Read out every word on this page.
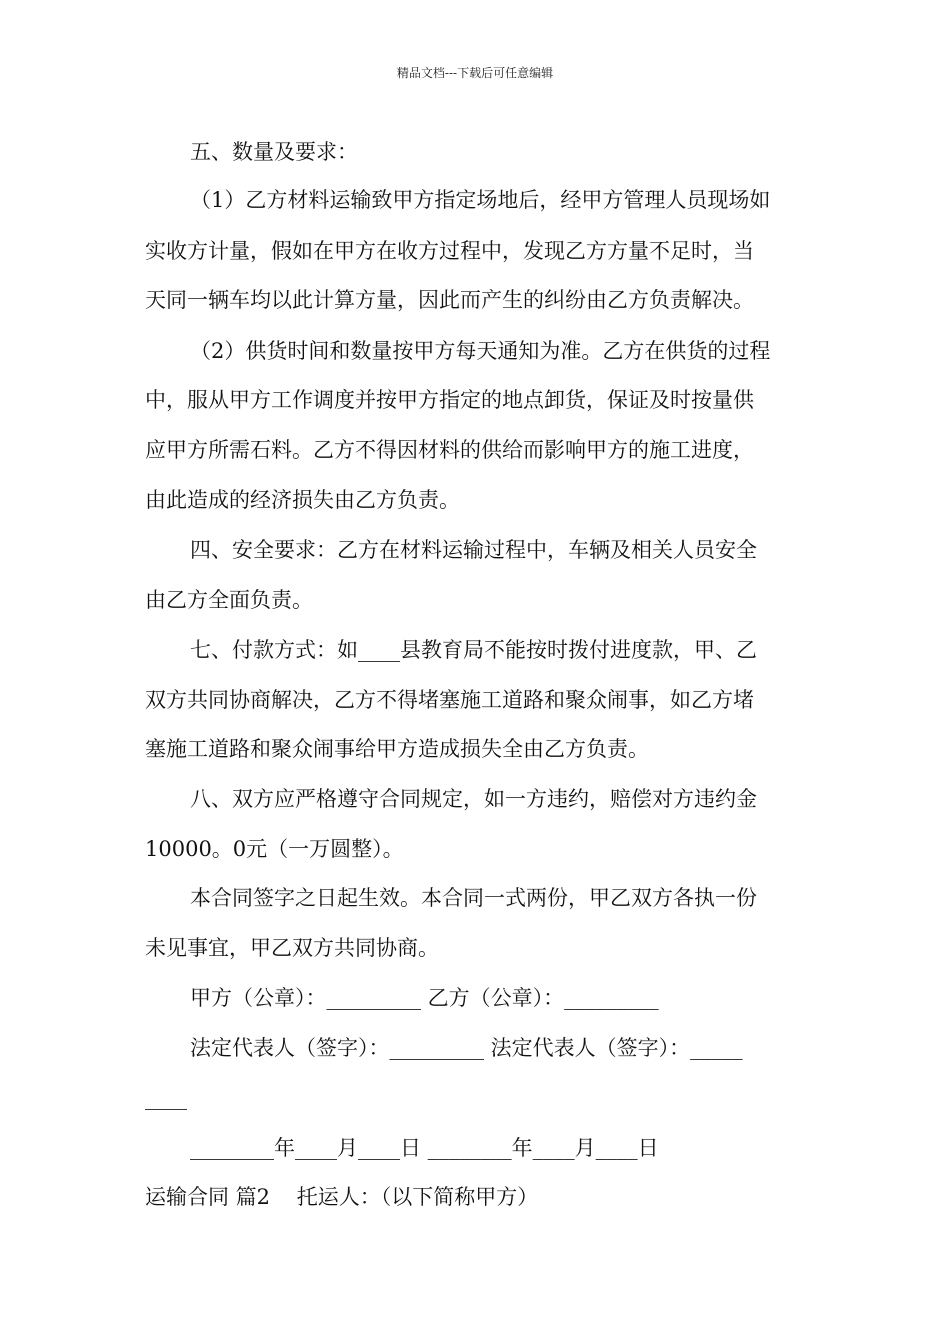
精品文档---下载后可任意编辑
五、数量及要求：
（1）乙方材料运输致甲方指定场地后，经甲方管理人员现场如
实收方计量，假如在甲方在收方过程中，发现乙方方量不足时，当
天同一辆车均以此计算方量，因此而产生的纠纷由乙方负责解决。
（2）供货时间和数量按甲方每天通知为准。乙方在供货的过程
中，服从甲方工作调度并按甲方指定的地点卸货，保证及时按量供
应甲方所需石料。乙方不得因材料的供给而影响甲方的施工进度，
由此造成的经济损失由乙方负责。
四、安全要求：乙方在材料运输过程中，车辆及相关人员安全
由乙方全面负责。
七、付款方式：如____县教育局不能按时拨付进度款，甲、乙
双方共同协商解决，乙方不得堵塞施工道路和聚众闹事，如乙方堵
塞施工道路和聚众闹事给甲方造成损失全由乙方负责。
八、双方应严格遵守合同规定，如一方违约，赔偿对方违约金
10000。0元（一万圆整）。
本合同签字之日起生效。本合同一式两份，甲乙双方各执一份
未见事宜，甲乙双方共同协商。
甲方（公章）：_________ 乙方（公章）：_________
法定代表人（签字）：_________ 法定代表人（签字）：_____
____
________年____月____日 ________年____月____日
运输合同 篇2    托运人：（以下简称甲方）
